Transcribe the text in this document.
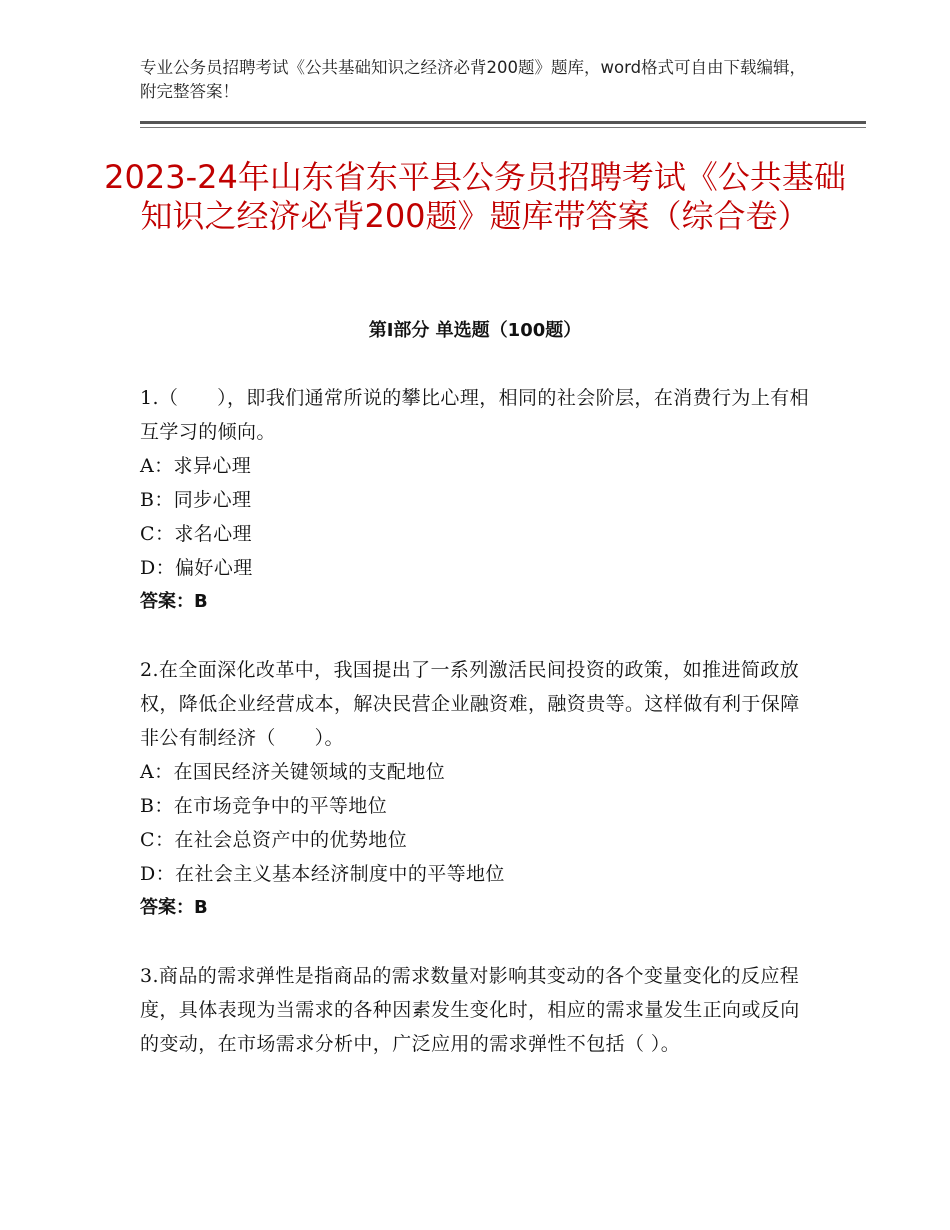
专业公务员招聘考试《公共基础知识之经济必背200题》题库，word格式可自由下载编辑，附完整答案！
2023-24年山东省东平县公务员招聘考试《公共基础知识之经济必背200题》题库带答案（综合卷）
第I部分 单选题（100题）
1.（　　），即我们通常所说的攀比心理，相同的社会阶层，在消费行为上有相互学习的倾向。
A：求异心理
B：同步心理
C：求名心理
D：偏好心理
答案：B
2.在全面深化改革中，我国提出了一系列激活民间投资的政策，如推进简政放权，降低企业经营成本，解决民营企业融资难，融资贵等。这样做有利于保障非公有制经济（　　）。
A：在国民经济关键领域的支配地位
B：在市场竞争中的平等地位
C：在社会总资产中的优势地位
D：在社会主义基本经济制度中的平等地位
答案：B
3.商品的需求弹性是指商品的需求数量对影响其变动的各个变量变化的反应程度，具体表现为当需求的各种因素发生变化时，相应的需求量发生正向或反向的变动，在市场需求分析中，广泛应用的需求弹性不包括（ ）。
